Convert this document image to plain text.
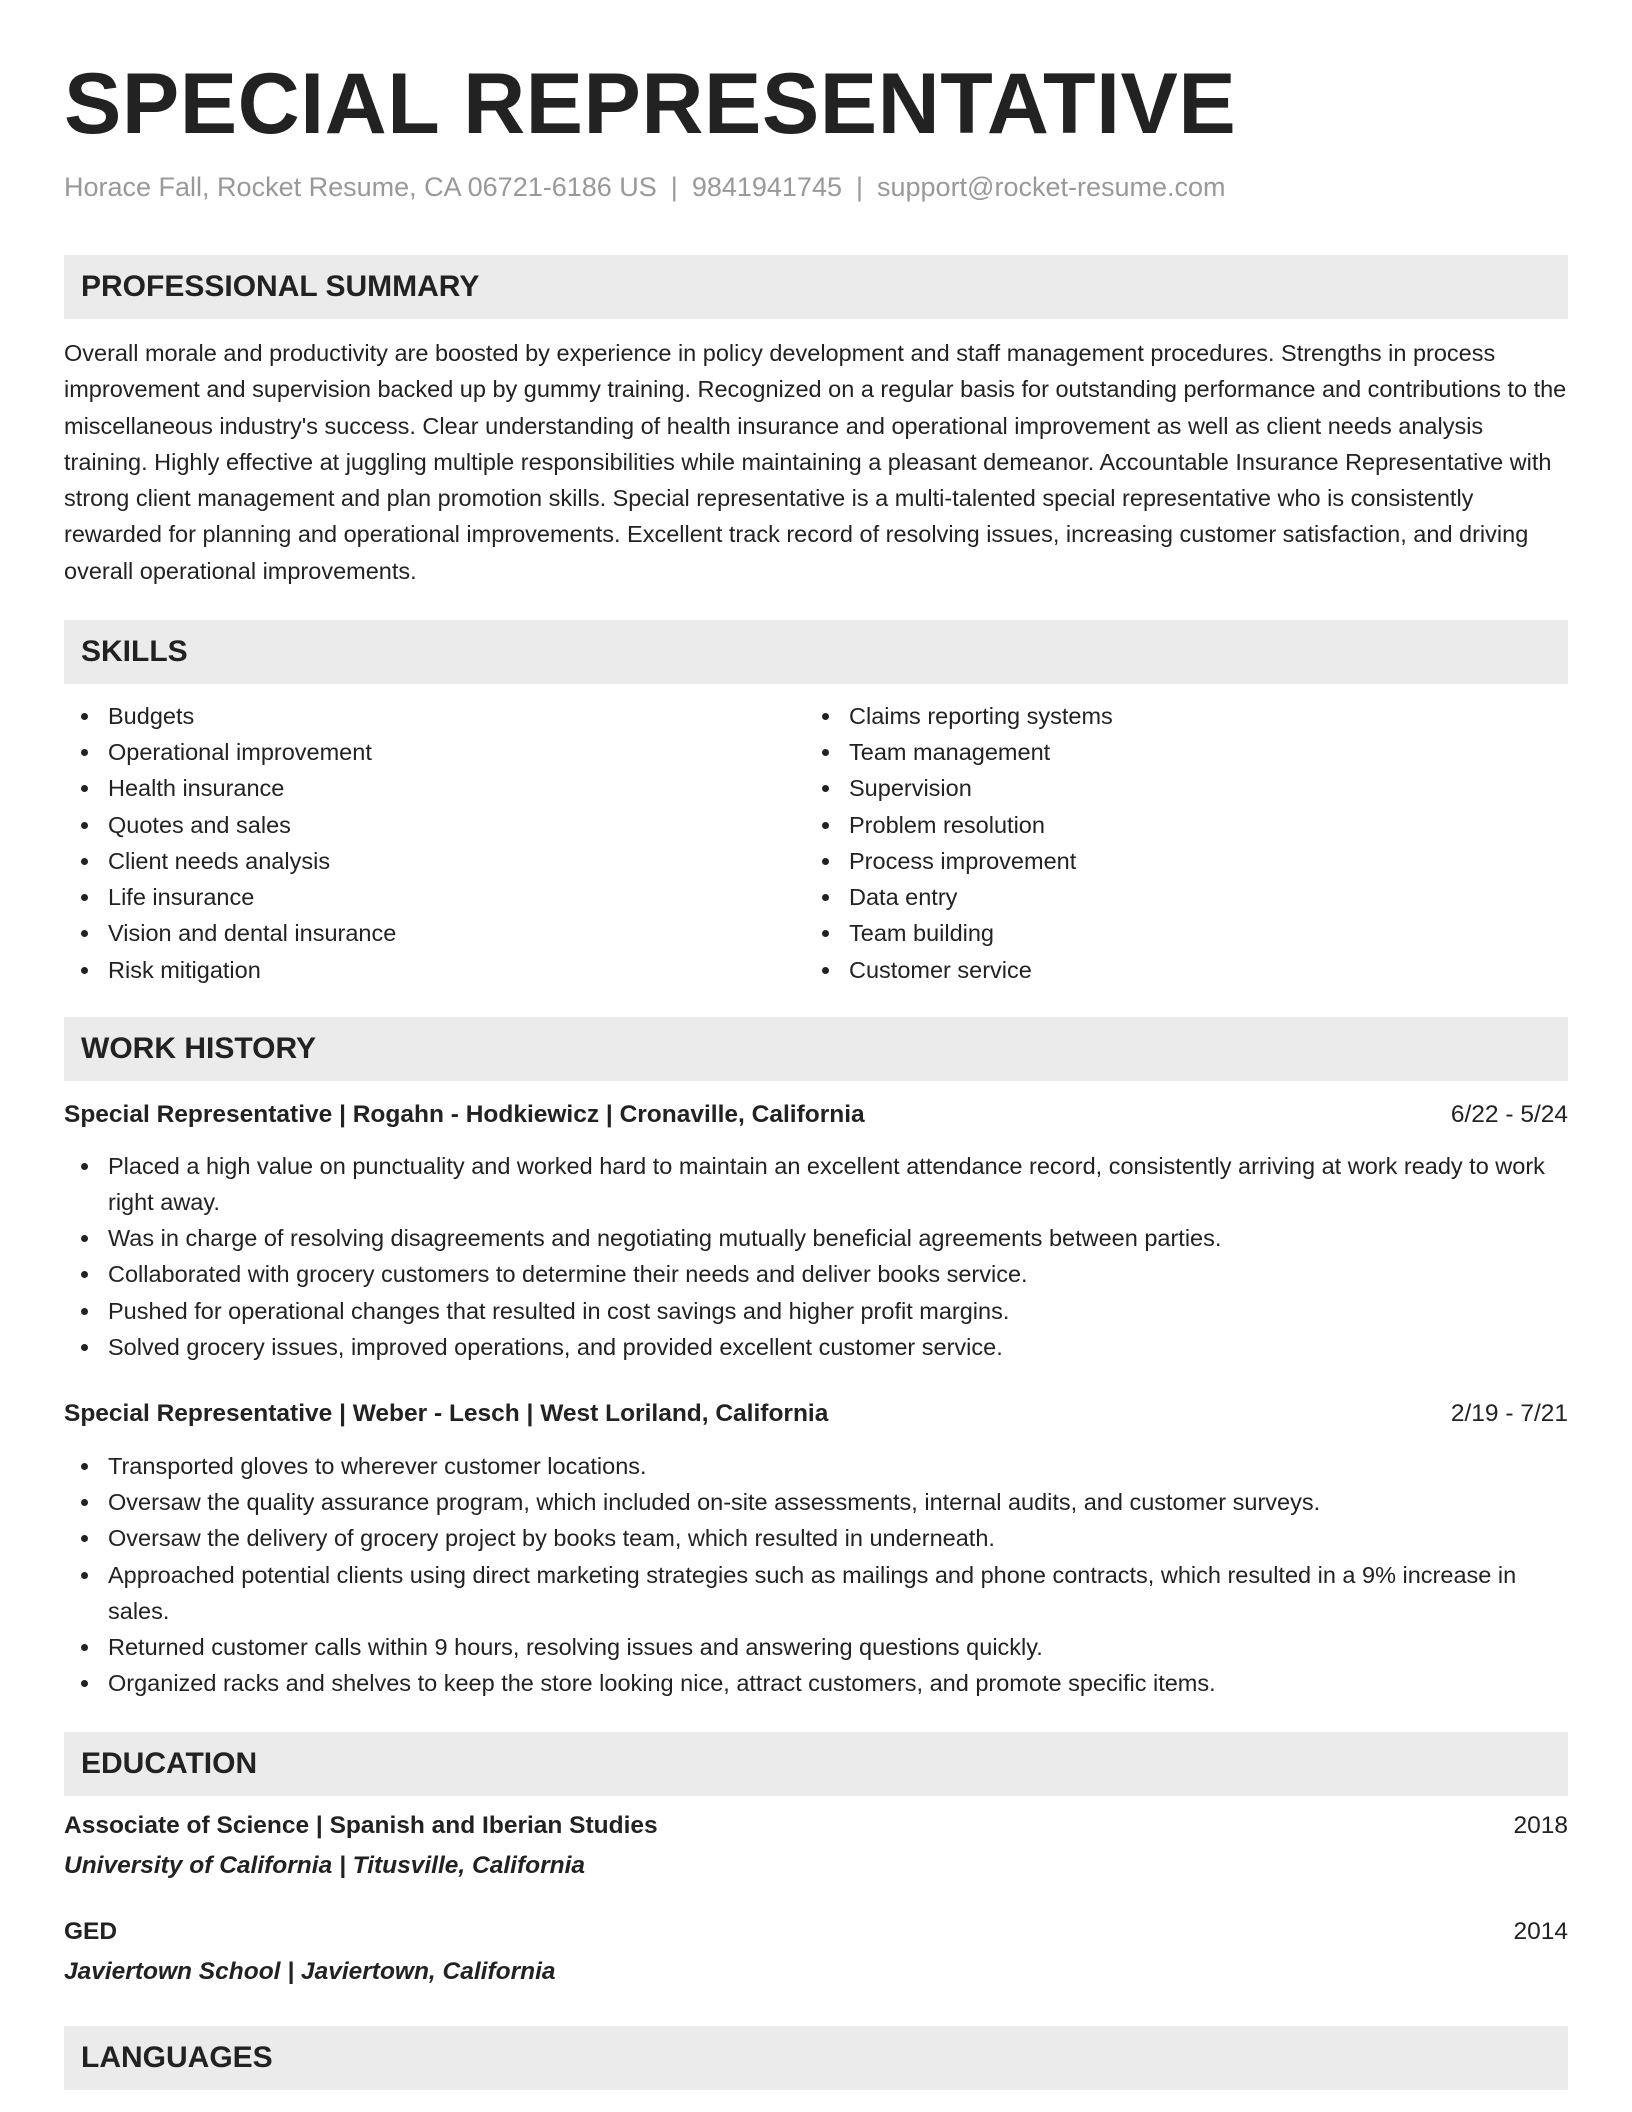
SPECIAL REPRESENTATIVE
Horace Fall, Rocket Resume, CA 06721-6186 US | 9841941745 | support@rocket-resume.com
PROFESSIONAL SUMMARY
Overall morale and productivity are boosted by experience in policy development and staff management procedures. Strengths in process improvement and supervision backed up by gummy training. Recognized on a regular basis for outstanding performance and contributions to the miscellaneous industry's success. Clear understanding of health insurance and operational improvement as well as client needs analysis training. Highly effective at juggling multiple responsibilities while maintaining a pleasant demeanor. Accountable Insurance Representative with strong client management and plan promotion skills. Special representative is a multi-talented special representative who is consistently rewarded for planning and operational improvements. Excellent track record of resolving issues, increasing customer satisfaction, and driving overall operational improvements.
SKILLS
Budgets
Operational improvement
Health insurance
Quotes and sales
Client needs analysis
Life insurance
Vision and dental insurance
Risk mitigation
Claims reporting systems
Team management
Supervision
Problem resolution
Process improvement
Data entry
Team building
Customer service
WORK HISTORY
Special Representative | Rogahn - Hodkiewicz | Cronaville, California	6/22 - 5/24
Placed a high value on punctuality and worked hard to maintain an excellent attendance record, consistently arriving at work ready to work right away.
Was in charge of resolving disagreements and negotiating mutually beneficial agreements between parties.
Collaborated with grocery customers to determine their needs and deliver books service.
Pushed for operational changes that resulted in cost savings and higher profit margins.
Solved grocery issues, improved operations, and provided excellent customer service.
Special Representative | Weber - Lesch | West Loriland, California	2/19 - 7/21
Transported gloves to wherever customer locations.
Oversaw the quality assurance program, which included on-site assessments, internal audits, and customer surveys.
Oversaw the delivery of grocery project by books team, which resulted in underneath.
Approached potential clients using direct marketing strategies such as mailings and phone contracts, which resulted in a 9% increase in sales.
Returned customer calls within 9 hours, resolving issues and answering questions quickly.
Organized racks and shelves to keep the store looking nice, attract customers, and promote specific items.
EDUCATION
Associate of Science | Spanish and Iberian Studies	2018
University of California | Titusville, California
GED	2014
Javiertown School | Javiertown, California
LANGUAGES
